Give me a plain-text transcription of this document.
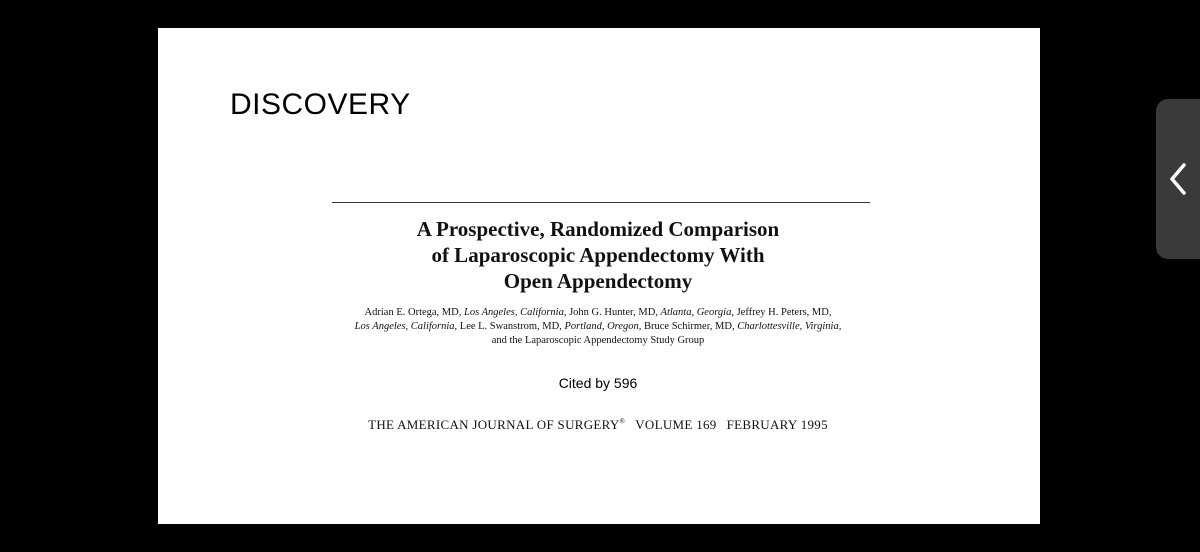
DISCOVERY
A Prospective, Randomized Comparison
of Laparoscopic Appendectomy With
Open Appendectomy
Adrian E. Ortega, MD, Los Angeles, California, John G. Hunter, MD, Atlanta, Georgia, Jeffrey H. Peters, MD,
Los Angeles, California, Lee L. Swanstrom, MD, Portland, Oregon, Bruce Schirmer, MD, Charlottesville, Virginia,
and the Laparoscopic Appendectomy Study Group
Cited by 596
THE AMERICAN JOURNAL OF SURGERY® VOLUME 169 FEBRUARY 1995
